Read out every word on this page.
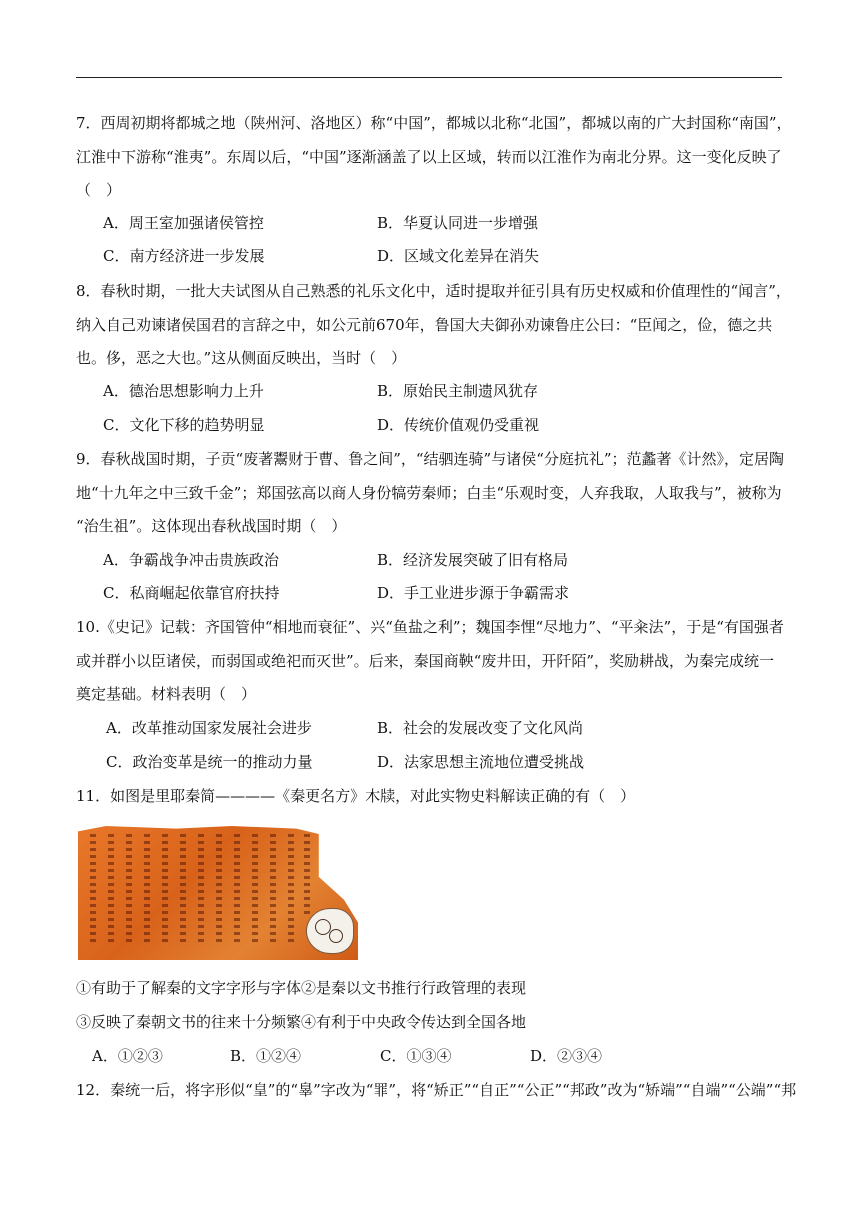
7．西周初期将都城之地（陕州河、洛地区）称“中国”，都城以北称“北国”，都城以南的广大封国称“南国”，
江淮中下游称“淮夷”。东周以后，“中国”逐渐涵盖了以上区域，转而以江淮作为南北分界。这一变化反映了
（　）
A．周王室加强诸侯管控	B．华夏认同进一步增强
C．南方经济进一步发展	D．区域文化差异在消失
8．春秋时期，一批大夫试图从自己熟悉的礼乐文化中，适时提取并征引具有历史权威和价值理性的“闻言”，
纳入自己劝谏诸侯国君的言辞之中，如公元前670年，鲁国大夫御孙劝谏鲁庄公曰：“臣闻之，俭，德之共
也。侈，恶之大也。”这从侧面反映出，当时（　）
A．德治思想影响力上升	B．原始民主制遗风犹存
C．文化下移的趋势明显	D．传统价值观仍受重视
9．春秋战国时期，子贡“废著鬻财于曹、鲁之间”，“结驷连骑”与诸侯“分庭抗礼”；范蠡著《计然》，定居陶
地“十九年之中三致千金”；郑国弦高以商人身份犒劳秦师；白圭“乐观时变，人弃我取，人取我与”，被称为
“治生祖”。这体现出春秋战国时期（　）
A．争霸战争冲击贵族政治	B．经济发展突破了旧有格局
C．私商崛起依靠官府扶持	D．手工业进步源于争霸需求
10.《史记》记载：齐国管仲“相地而衰征”、兴“鱼盐之利”；魏国李悝“尽地力”、“平籴法”，于是“有国强者
或并群小以臣诸侯，而弱国或绝祀而灭世”。后来，秦国商鞅“废井田，开阡陌”，奖励耕战，为秦完成统一
奠定基础。材料表明（　）
A．改革推动国家发展社会进步	B．社会的发展改变了文化风尚
C．政治变革是统一的推动力量	D．法家思想主流地位遭受挑战
11．如图是里耶秦简————《秦更名方》木牍，对此实物史料解读正确的有（　）
①有助于了解秦的文字字形与字体②是秦以文书推行行政管理的表现
③反映了秦朝文书的往来十分频繁④有利于中央政令传达到全国各地
A．①②③	B．①②④	C．①③④	D．②③④
12．秦统一后，将字形似“皇”的“辠”字改为“罪”，将“矫正”“自正”“公正”“邦政”改为“矫端”“自端”“公端”“邦
